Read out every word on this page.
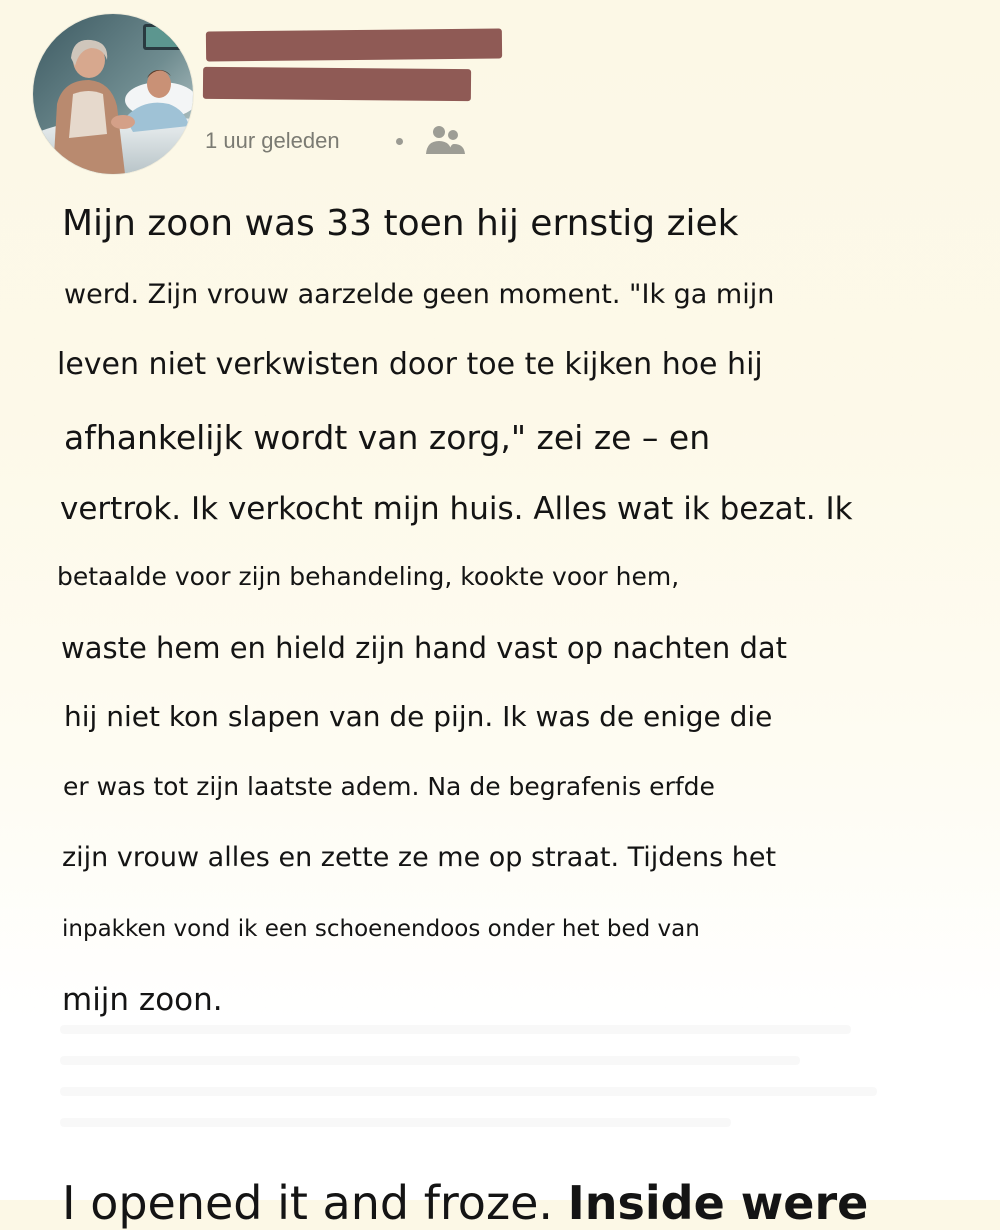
1 uur geleden
Mijn zoon was 33 toen hij ernstig ziek
werd. Zijn vrouw aarzelde geen moment. "Ik ga mijn
leven niet verkwisten door toe te kijken hoe hij
afhankelijk wordt van zorg," zei ze – en
vertrok. Ik verkocht mijn huis. Alles wat ik bezat. Ik
betaalde voor zijn behandeling, kookte voor hem,
waste hem en hield zijn hand vast op nachten dat
hij niet kon slapen van de pijn. Ik was de enige die
er was tot zijn laatste adem. Na de begrafenis erfde
zijn vrouw alles en zette ze me op straat. Tijdens het
inpakken vond ik een schoenendoos onder het bed van
mijn zoon.
I opened it and froze. Inside were
